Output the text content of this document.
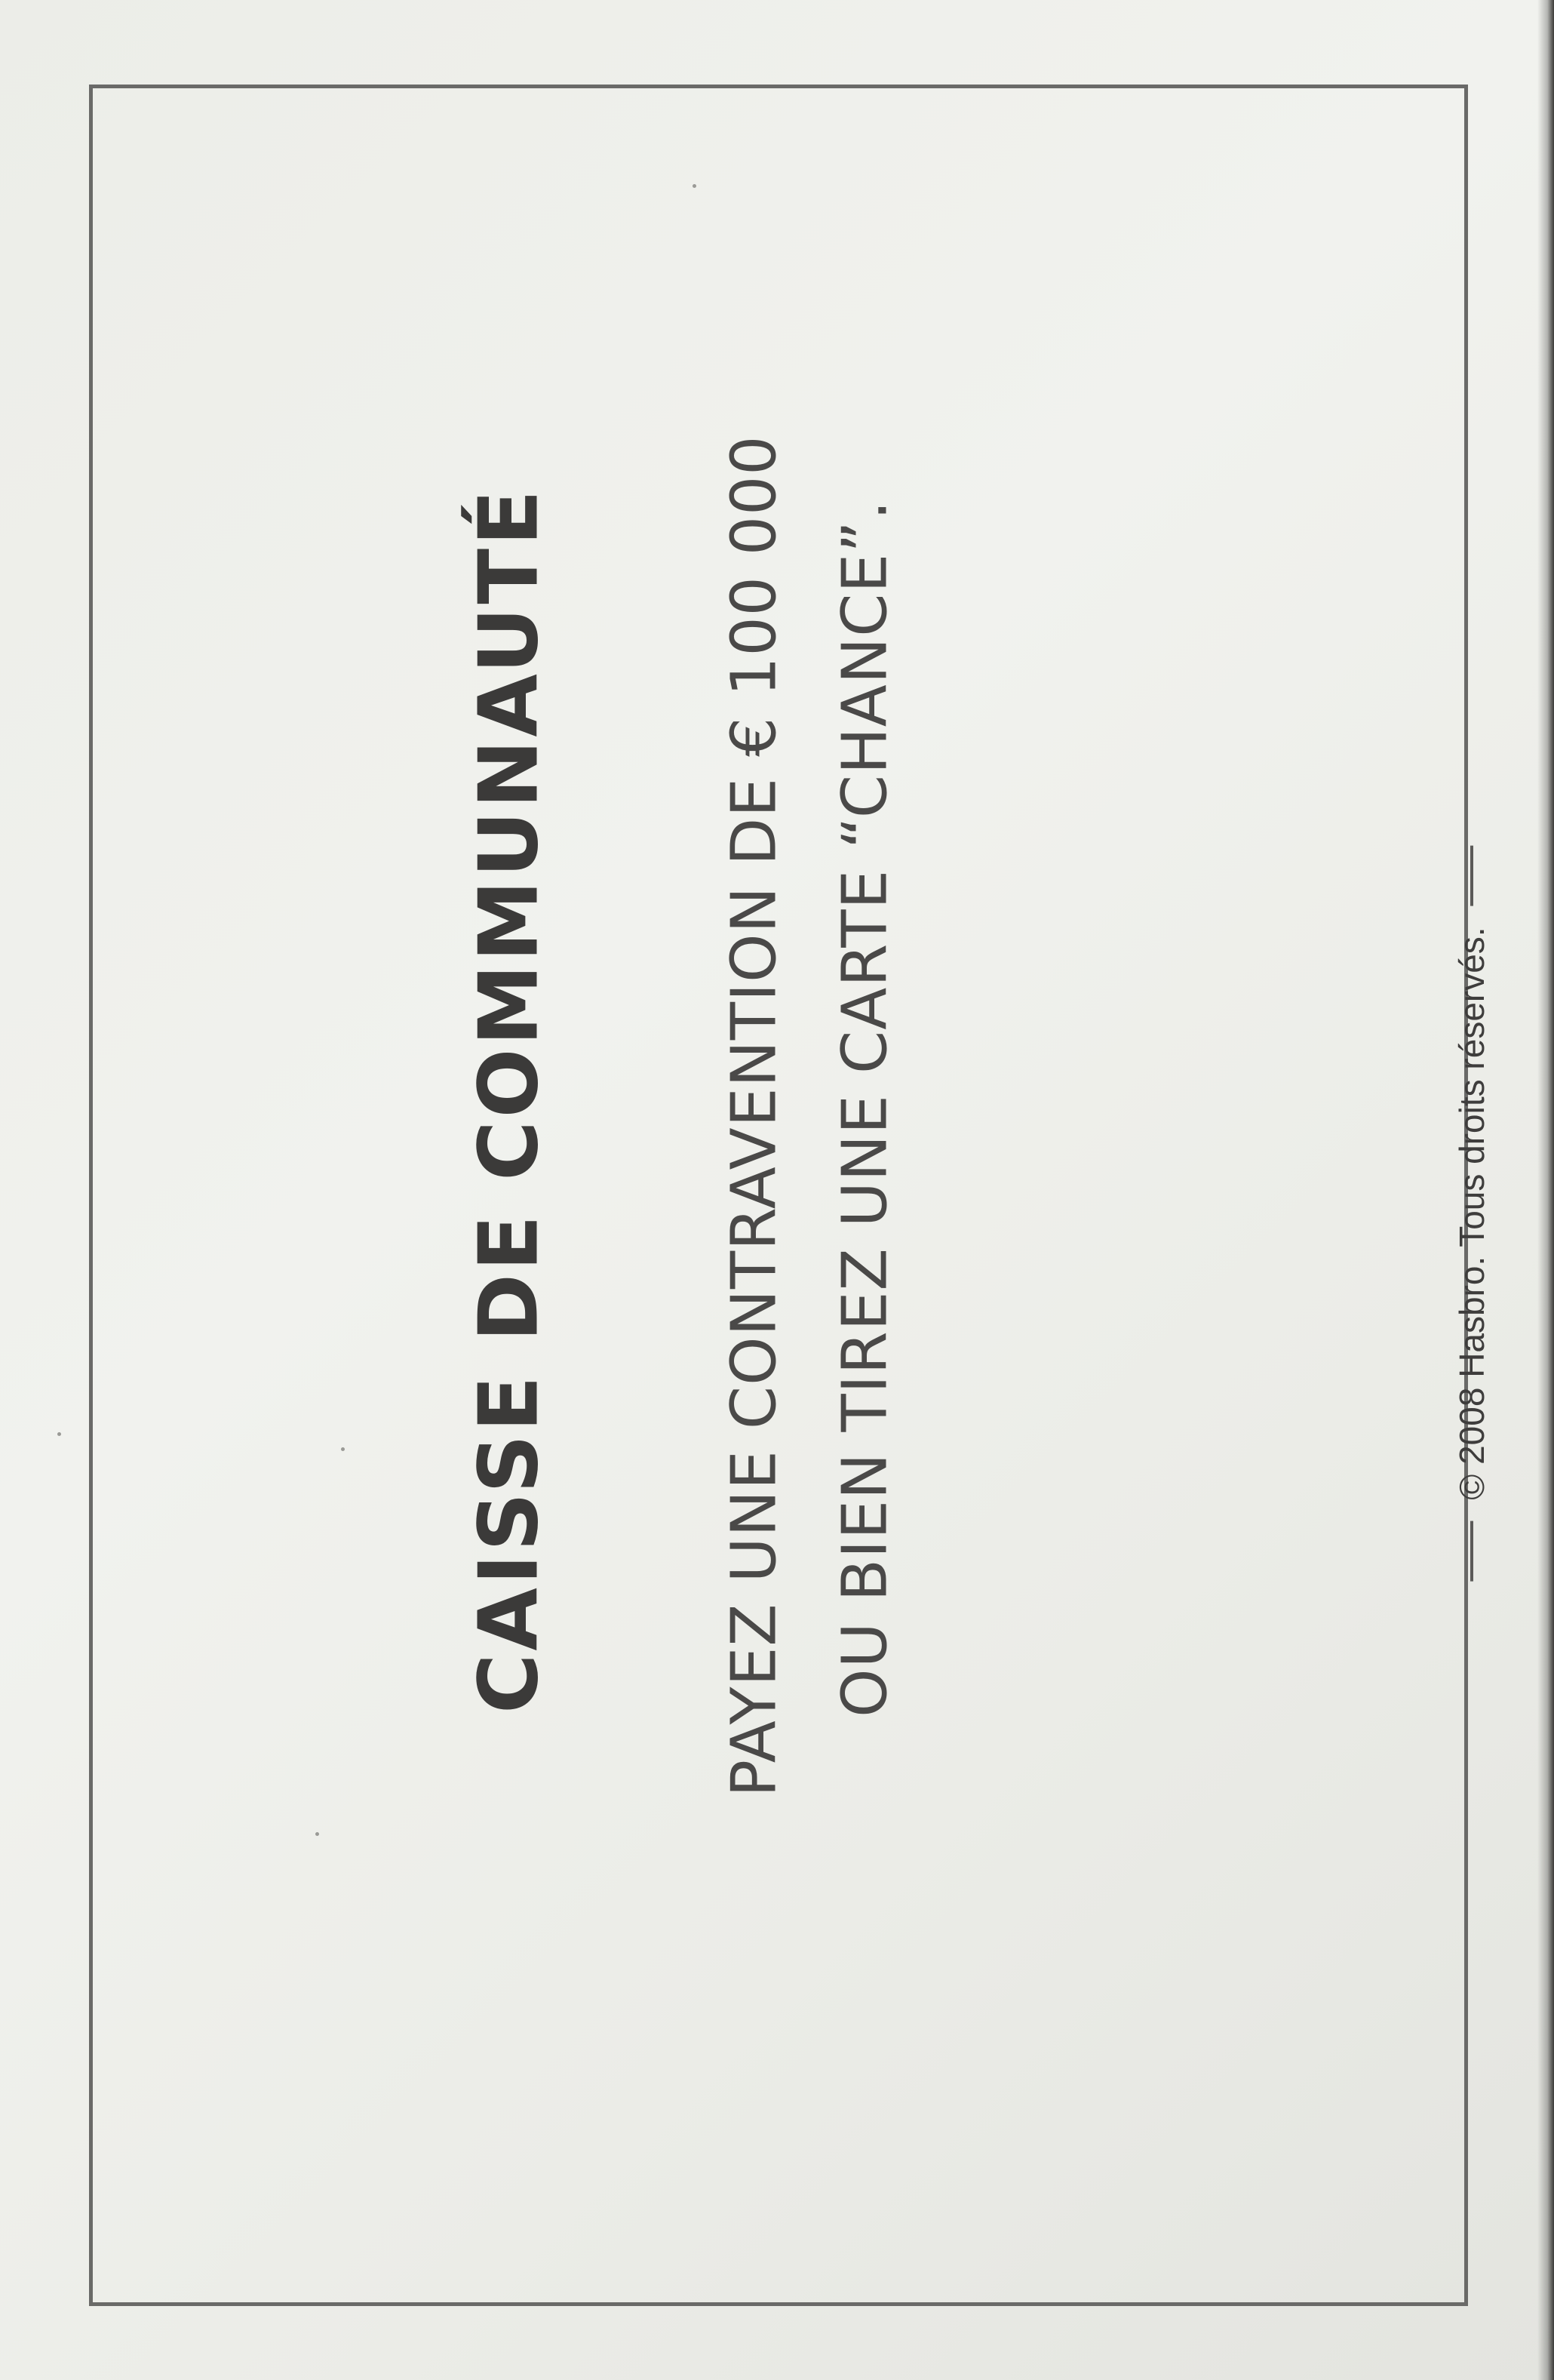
CAISSE DE COMMUNAUTÉ	PAYEZ UNE CONTRAVENTION DE € 100 000 OU BIEN TIREZ UNE CARTE “CHANCE”.	© 2008 Hasbro. Tous droits réservés.
